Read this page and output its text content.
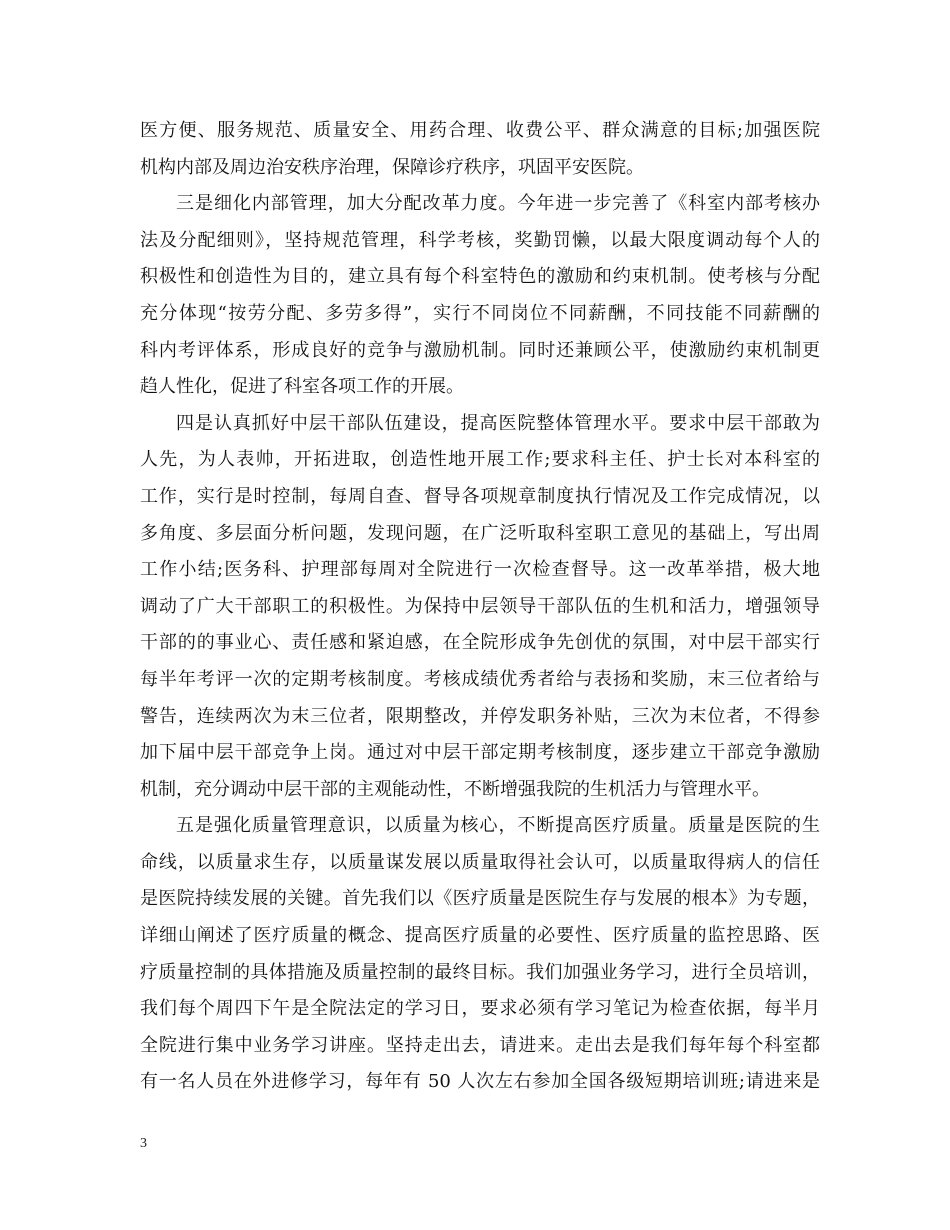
医方便、服务规范、质量安全、用药合理、收费公平、群众满意的目标;加强医院
机构内部及周边治安秩序治理，保障诊疗秩序，巩固平安医院。
三是细化内部管理，加大分配改革力度。今年进一步完善了《科室内部考核办
法及分配细则》，坚持规范管理，科学考核，奖勤罚懒，以最大限度调动每个人的
积极性和创造性为目的，建立具有每个科室特色的激励和约束机制。使考核与分配
充分体现“按劳分配、多劳多得”，实行不同岗位不同薪酬，不同技能不同薪酬的
科内考评体系，形成良好的竞争与激励机制。同时还兼顾公平，使激励约束机制更
趋人性化，促进了科室各项工作的开展。
四是认真抓好中层干部队伍建设，提高医院整体管理水平。要求中层干部敢为
人先，为人表帅，开拓进取，创造性地开展工作;要求科主任、护士长对本科室的
工作，实行是时控制，每周自查、督导各项规章制度执行情况及工作完成情况，以
多角度、多层面分析问题，发现问题，在广泛听取科室职工意见的基础上，写出周
工作小结;医务科、护理部每周对全院进行一次检查督导。这一改革举措，极大地
调动了广大干部职工的积极性。为保持中层领导干部队伍的生机和活力，增强领导
干部的的事业心、责任感和紧迫感，在全院形成争先创优的氛围，对中层干部实行
每半年考评一次的定期考核制度。考核成绩优秀者给与表扬和奖励，末三位者给与
警告，连续两次为末三位者，限期整改，并停发职务补贴，三次为末位者，不得参
加下届中层干部竞争上岗。通过对中层干部定期考核制度，逐步建立干部竞争激励
机制，充分调动中层干部的主观能动性，不断增强我院的生机活力与管理水平。
五是强化质量管理意识，以质量为核心，不断提高医疗质量。质量是医院的生
命线，以质量求生存，以质量谋发展以质量取得社会认可，以质量取得病人的信任
是医院持续发展的关键。首先我们以《医疗质量是医院生存与发展的根本》为专题，
详细山阐述了医疗质量的概念、提高医疗质量的必要性、医疗质量的监控思路、医
疗质量控制的具体措施及质量控制的最终目标。我们加强业务学习，进行全员培训，
我们每个周四下午是全院法定的学习日，要求必须有学习笔记为检查依据，每半月
全院进行集中业务学习讲座。坚持走出去，请进来。走出去是我们每年每个科室都
有一名人员在外进修学习，每年有 50 人次左右参加全国各级短期培训班;请进来是
3
